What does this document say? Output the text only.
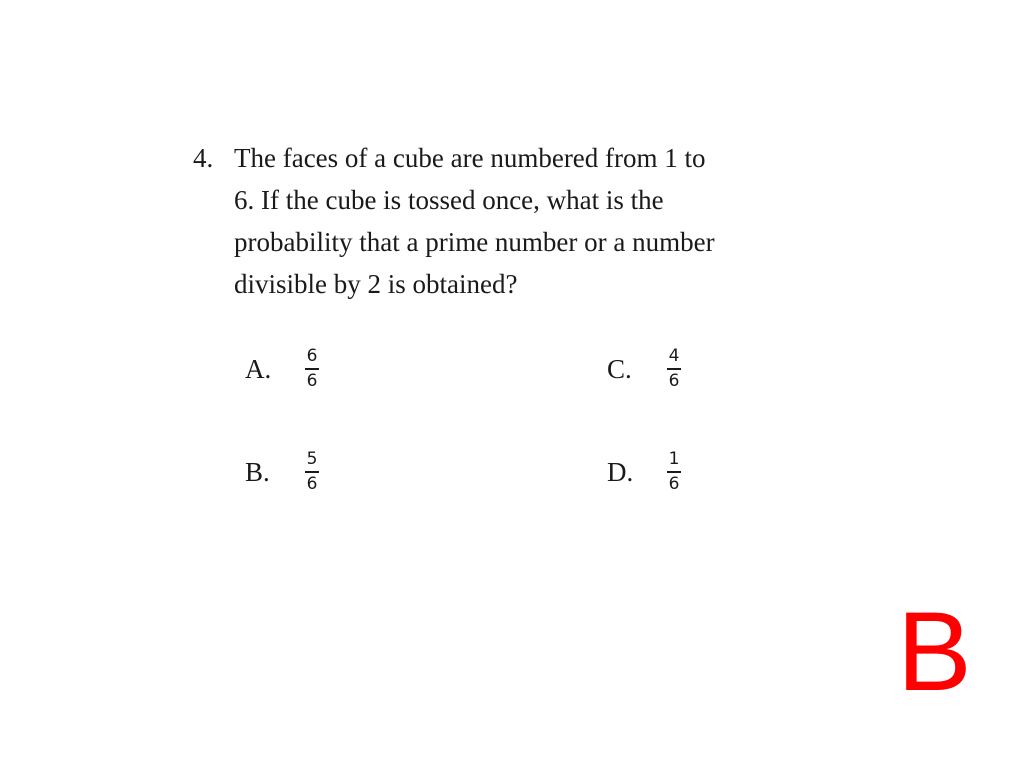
4. The faces of a cube are numbered from 1 to
6. If the cube is tossed once, what is the
probability that a prime number or a number
divisible by 2 is obtained?
A.	$\frac{6}{6}$
B.	$\frac{5}{6}$
C.	$\frac{4}{6}$
D.	$\frac{1}{6}$
B
